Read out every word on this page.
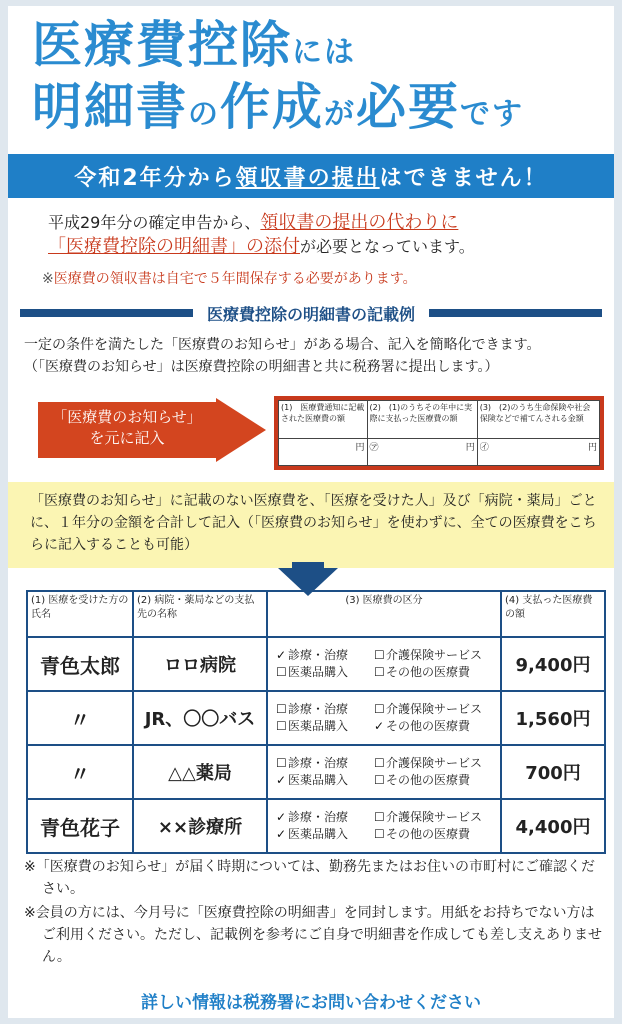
医療費控除には
明細書の作成が必要です
令和2年分から 領収書の提出 はできません！
平成29年分の確定申告から、領収書の提出の代わりに
「医療費控除の明細書」の添付が必要となっています。
※医療費の領収書は自宅で５年間保存する必要があります。
医療費控除の明細書の記載例
一定の条件を満たした「医療費のお知らせ」がある場合、記入を簡略化できます。
（「医療費のお知らせ」は医療費控除の明細書と共に税務署に提出します。）
「医療費のお知らせ」
を元に記入
(1)　医療費通知に記載された医療費の額	(2)　(1)のうちその年中に実際に支払った医療費の額	(3)　(2)のうち生命保険や社会保険などで補てんされる金額
円	㋐ 円	㋑ 円
「医療費のお知らせ」に記載のない医療費を、「医療を受けた人」及び「病院・薬局」ごとに、１年分の金額を合計して記入（「医療費のお知らせ」を使わずに、全ての医療費をこちらに記入することも可能）
(1) 医療を受けた方の氏名	(2) 病院・薬局などの支払先の名称	(3) 医療費の区分	(4) 支払った医療費の額
青色太郎	ロロ病院	✓ 診療・治療 ☐介護保険サービス
☐医薬品購入 ☐その他の医療費	9,400円
〃	JR、〇〇バス	☐診療・治療 ☐介護保険サービス
☐医薬品購入 ✓ その他の医療費	1,560円
〃	△△薬局	☐診療・治療 ☐介護保険サービス
✓ 医薬品購入 ☐その他の医療費	700円
青色花子	××診療所	✓ 診療・治療 ☐介護保険サービス
✓ 医薬品購入 ☐その他の医療費	4,400円

※「医療費のお知らせ」が届く時期については、勤務先またはお住いの市町村にご確認ください。

※会員の方には、今月号に「医療費控除の明細書」を同封します。用紙をお持ちでない方はご利用ください。ただし、記載例を参考にご自身で明細書を作成しても差し支えありません。

詳しい情報は税務署にお問い合わせください
